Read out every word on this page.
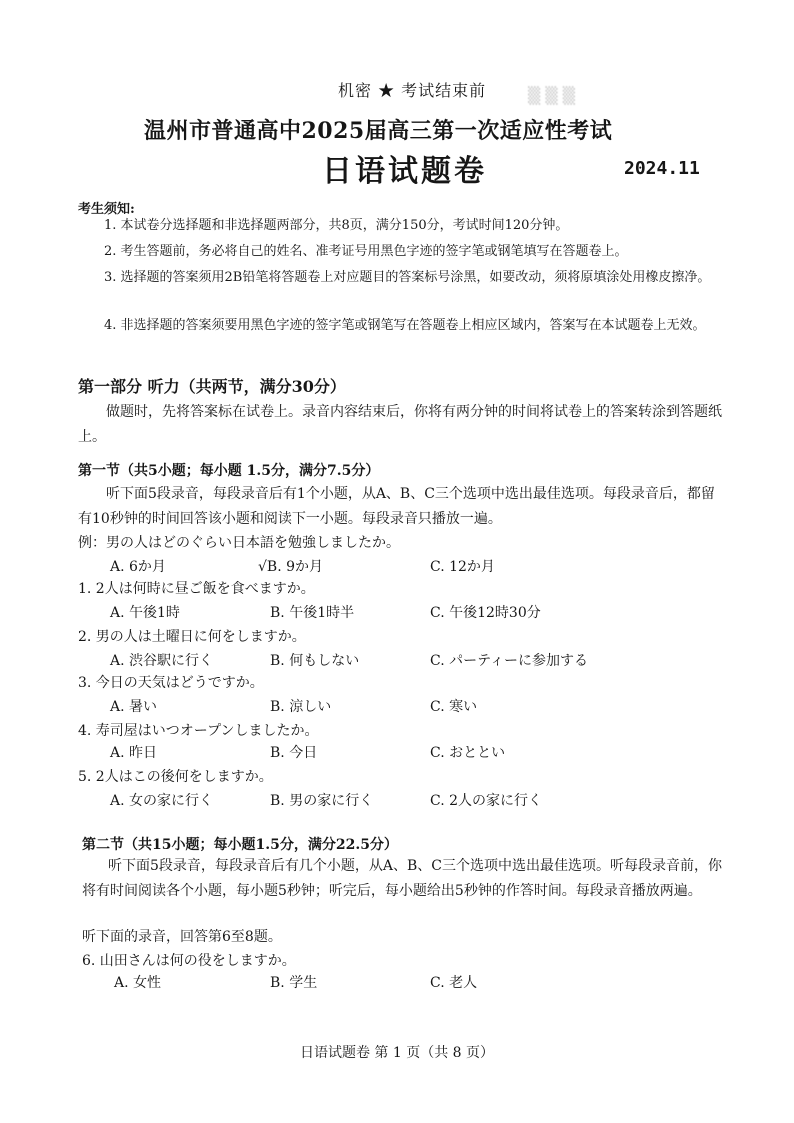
机密 ★ 考试结束前	▒ ▒ ▒
温州市普通高中2025届高三第一次适应性考试
日语试题卷	2024.11
考生须知:
1. 本试卷分选择题和非选择题两部分，共8页，满分150分，考试时间120分钟。
2. 考生答题前，务必将自己的姓名、准考证号用黑色字迹的签字笔或钢笔填写在答题卷上。
3. 选择题的答案须用2B铅笔将答题卷上对应题目的答案标号涂黑，如要改动，须将原填涂处用橡皮擦净。
4. 非选择题的答案须要用黑色字迹的签字笔或钢笔写在答题卷上相应区域内，答案写在本试题卷上无效。
第一部分 听力（共两节，满分30分）
做题时，先将答案标在试卷上。录音内容结束后，你将有两分钟的时间将试卷上的答案转涂到答题纸上。
第一节（共5小题；每小题 1.5分，满分7.5分）
听下面5段录音，每段录音后有1个小题，从A、B、C三个选项中选出最佳选项。每段录音后，都留有10秒钟的时间回答该小题和阅读下一小题。每段录音只播放一遍。
例：男の人はどのぐらい日本語を勉強しましたか。
A. 6か月	√B. 9か月	C. 12か月
1. 2人は何時に昼ご飯を食べますか。
A. 午後1時	B. 午後1時半	C. 午後12時30分
2. 男の人は土曜日に何をしますか。
A. 渋谷駅に行く	B. 何もしない	C. パーティーに参加する
3. 今日の天気はどうですか。
A. 暑い	B. 涼しい	C. 寒い
4. 寿司屋はいつオープンしましたか。
A. 昨日	B. 今日	C. おととい
5. 2人はこの後何をしますか。
A. 女の家に行く	B. 男の家に行く	C. 2人の家に行く
第二节（共15小题；每小题1.5分，满分22.5分）
听下面5段录音，每段录音后有几个小题，从A、B、C三个选项中选出最佳选项。听每段录音前，你将有时间阅读各个小题，每小题5秒钟；听完后，每小题给出5秒钟的作答时间。每段录音播放两遍。
听下面的录音，回答第6至8题。
6. 山田さんは何の役をしますか。
A. 女性	B. 学生	C. 老人
日语试题卷 第 1 页（共 8 页）
